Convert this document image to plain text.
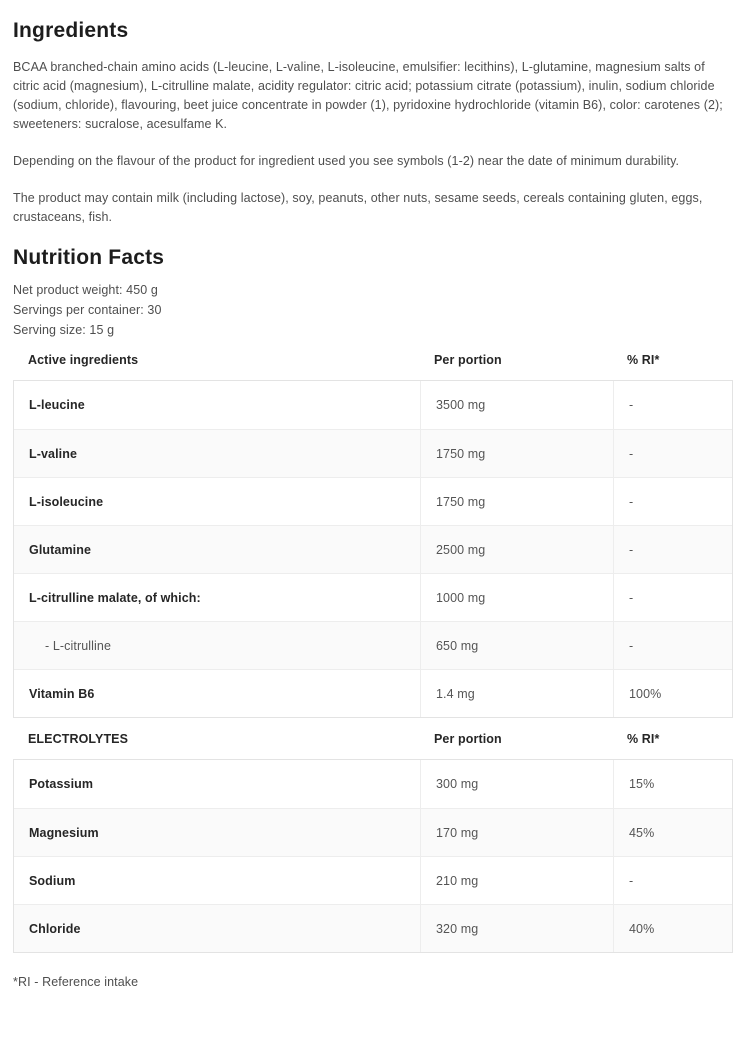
Ingredients

BCAA branched-chain amino acids (L-leucine, L-valine, L-isoleucine, emulsifier: lecithins), L-glutamine, magnesium salts of citric acid (magnesium), L-citrulline malate, acidity regulator: citric acid; potassium citrate (potassium), inulin, sodium chloride (sodium, chloride), flavouring, beet juice concentrate in powder (1), pyridoxine hydrochloride (vitamin B6), color: carotenes (2); sweeteners: sucralose, acesulfame K.

Depending on the flavour of the product for ingredient used you see symbols (1-2) near the date of minimum durability.

The product may contain milk (including lactose), soy, peanuts, other nuts, sesame seeds, cereals containing gluten, eggs, crustaceans, fish.

Nutrition Facts
Net product weight: 450 g
Servings per container: 30
Serving size: 15 g
Active ingredients	Per portion	% RI*
L-leucine	3500 mg	-
L-valine	1750 mg	-
L-isoleucine	1750 mg	-
Glutamine	2500 mg	-
L-citrulline malate, of which:	1000 mg	-
- L-citrulline	650 mg	-
Vitamin B6	1.4 mg	100%
ELECTROLYTES	Per portion	% RI*
Potassium	300 mg	15%
Magnesium	170 mg	45%
Sodium	210 mg	-
Chloride	320 mg	40%

*RI - Reference intake
